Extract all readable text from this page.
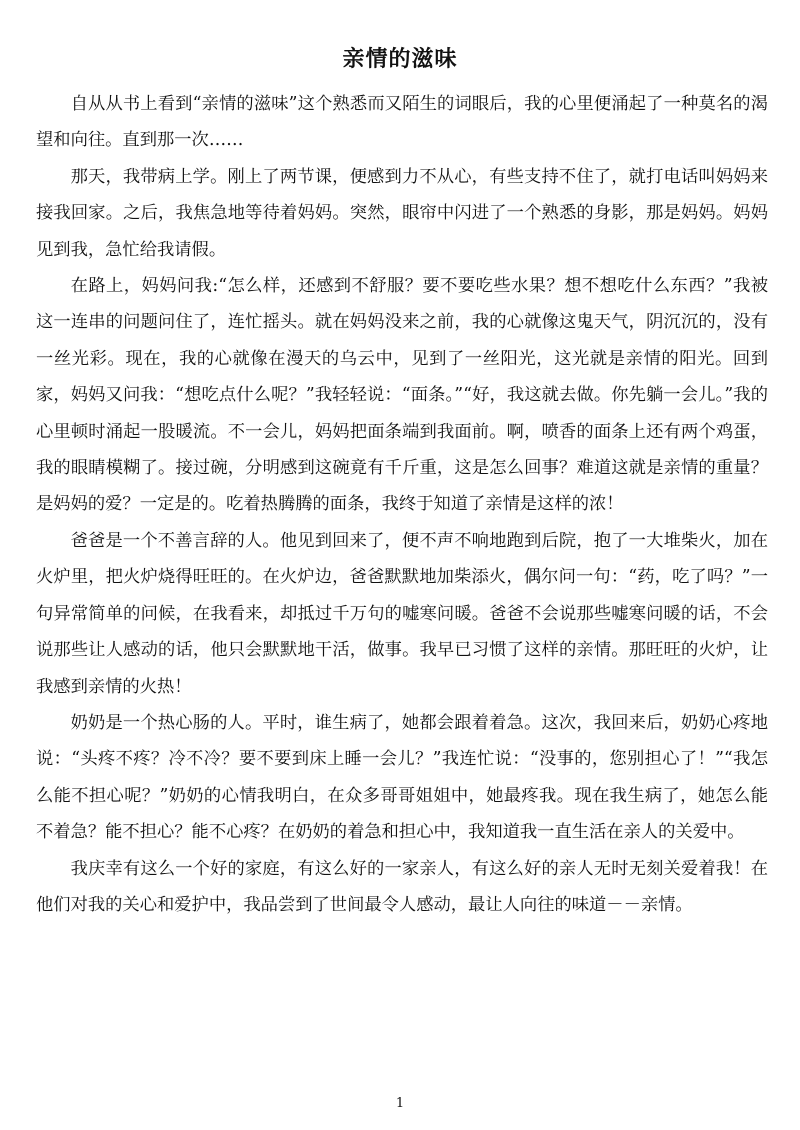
亲情的滋味

自从从书上看到“亲情的滋味”这个熟悉而又陌生的词眼后，我的心里便涌起了一种莫名的渴望和向往。直到那一次……

那天，我带病上学。刚上了两节课，便感到力不从心，有些支持不住了，就打电话叫妈妈来接我回家。之后，我焦急地等待着妈妈。突然，眼帘中闪进了一个熟悉的身影，那是妈妈。妈妈见到我，急忙给我请假。

在路上，妈妈问我:“怎么样，还感到不舒服？要不要吃些水果？想不想吃什么东西？”我被这一连串的问题问住了，连忙摇头。就在妈妈没来之前，我的心就像这鬼天气，阴沉沉的，没有一丝光彩。现在，我的心就像在漫天的乌云中，见到了一丝阳光，这光就是亲情的阳光。回到家，妈妈又问我：“想吃点什么呢？”我轻轻说：“面条。”“好，我这就去做。你先躺一会儿。”我的心里顿时涌起一股暖流。不一会儿，妈妈把面条端到我面前。啊，喷香的面条上还有两个鸡蛋，我的眼睛模糊了。接过碗，分明感到这碗竟有千斤重，这是怎么回事？难道这就是亲情的重量？是妈妈的爱？一定是的。吃着热腾腾的面条，我终于知道了亲情是这样的浓！

爸爸是一个不善言辞的人。他见到回来了，便不声不响地跑到后院，抱了一大堆柴火，加在火炉里，把火炉烧得旺旺的。在火炉边，爸爸默默地加柴添火，偶尔问一句：“药，吃了吗？”一句异常简单的问候，在我看来，却抵过千万句的嘘寒问暖。爸爸不会说那些嘘寒问暖的话，不会说那些让人感动的话，他只会默默地干活，做事。我早已习惯了这样的亲情。那旺旺的火炉，让我感到亲情的火热！

奶奶是一个热心肠的人。平时，谁生病了，她都会跟着着急。这次，我回来后，奶奶心疼地说：“头疼不疼？冷不冷？要不要到床上睡一会儿？”我连忙说：“没事的，您别担心了！”“我怎么能不担心呢？”奶奶的心情我明白，在众多哥哥姐姐中，她最疼我。现在我生病了，她怎么能不着急？能不担心？能不心疼？在奶奶的着急和担心中，我知道我一直生活在亲人的关爱中。

我庆幸有这么一个好的家庭，有这么好的一家亲人，有这么好的亲人无时无刻关爱着我！在他们对我的关心和爱护中，我品尝到了世间最令人感动，最让人向往的味道－－亲情。

1
